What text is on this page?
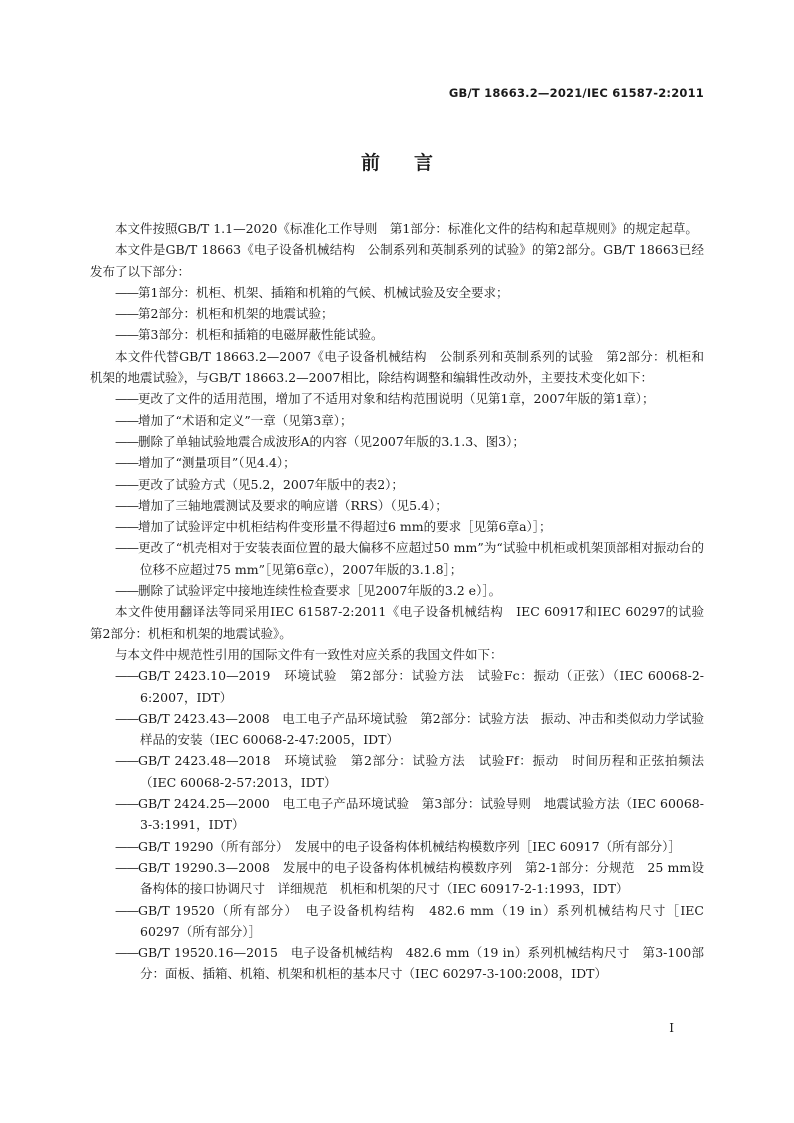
GB/T 18663.2—2021/IEC 61587-2:2011
前言

本文件按照GB/T 1.1—2020《标准化工作导则　第1部分：标准化文件的结构和起草规则》的规定起草。

本文件是GB/T 18663《电子设备机械结构　公制系列和英制系列的试验》的第2部分。GB/T 18663已经发布了以下部分：

——第1部分：机柜、机架、插箱和机箱的气候、机械试验及安全要求；

——第2部分：机柜和机架的地震试验；

——第3部分：机柜和插箱的电磁屏蔽性能试验。

本文件代替GB/T 18663.2—2007《电子设备机械结构　公制系列和英制系列的试验　第2部分：机柜和机架的地震试验》，与GB/T 18663.2—2007相比，除结构调整和编辑性改动外，主要技术变化如下：

——更改了文件的适用范围，增加了不适用对象和结构范围说明（见第1章，2007年版的第1章）；

——增加了“术语和定义”一章（见第3章）；

——删除了单轴试验地震合成波形A的内容（见2007年版的3.1.3、图3）；

——增加了“测量项目”（见4.4）；

——更改了试验方式（见5.2，2007年版中的表2）；

——增加了三轴地震测试及要求的响应谱（RRS）（见5.4）；

——增加了试验评定中机柜结构件变形量不得超过6 mm的要求［见第6章a）］；

——更改了“机壳相对于安装表面位置的最大偏移不应超过50 mm”为“试验中机柜或机架顶部相对振动台的位移不应超过75 mm”［见第6章c），2007年版的3.1.8］；

——删除了试验评定中接地连续性检查要求［见2007年版的3.2 e）］。

本文件使用翻译法等同采用IEC 61587-2:2011《电子设备机械结构　IEC 60917和IEC 60297的试验　第2部分：机柜和机架的地震试验》。

与本文件中规范性引用的国际文件有一致性对应关系的我国文件如下：

——GB/T 2423.10—2019　环境试验　第2部分：试验方法　试验Fc：振动（正弦）（IEC 60068-2-6:2007，IDT）

——GB/T 2423.43—2008　电工电子产品环境试验　第2部分：试验方法　振动、冲击和类似动力学试验样品的安装（IEC 60068-2-47:2005，IDT）

——GB/T 2423.48—2018　环境试验　第2部分：试验方法　试验Ff：振动　时间历程和正弦拍频法（IEC 60068-2-57:2013，IDT）

——GB/T 2424.25—2000　电工电子产品环境试验　第3部分：试验导则　地震试验方法（IEC 60068-3-3:1991，IDT）

——GB/T 19290（所有部分）　发展中的电子设备构体机械结构模数序列［IEC 60917（所有部分）］

——GB/T 19290.3—2008　发展中的电子设备构体机械结构模数序列　第2-1部分：分规范　25 mm设备构体的接口协调尺寸　详细规范　机柜和机架的尺寸（IEC 60917-2-1:1993，IDT）

——GB/T 19520（所有部分）　电子设备机构结构　482.6 mm（19 in）系列机械结构尺寸［IEC 60297（所有部分）］

——GB/T 19520.16—2015　电子设备机械结构　482.6 mm（19 in）系列机械结构尺寸　第3-100部分：面板、插箱、机箱、机架和机柜的基本尺寸（IEC 60297-3-100:2008，IDT）

I
